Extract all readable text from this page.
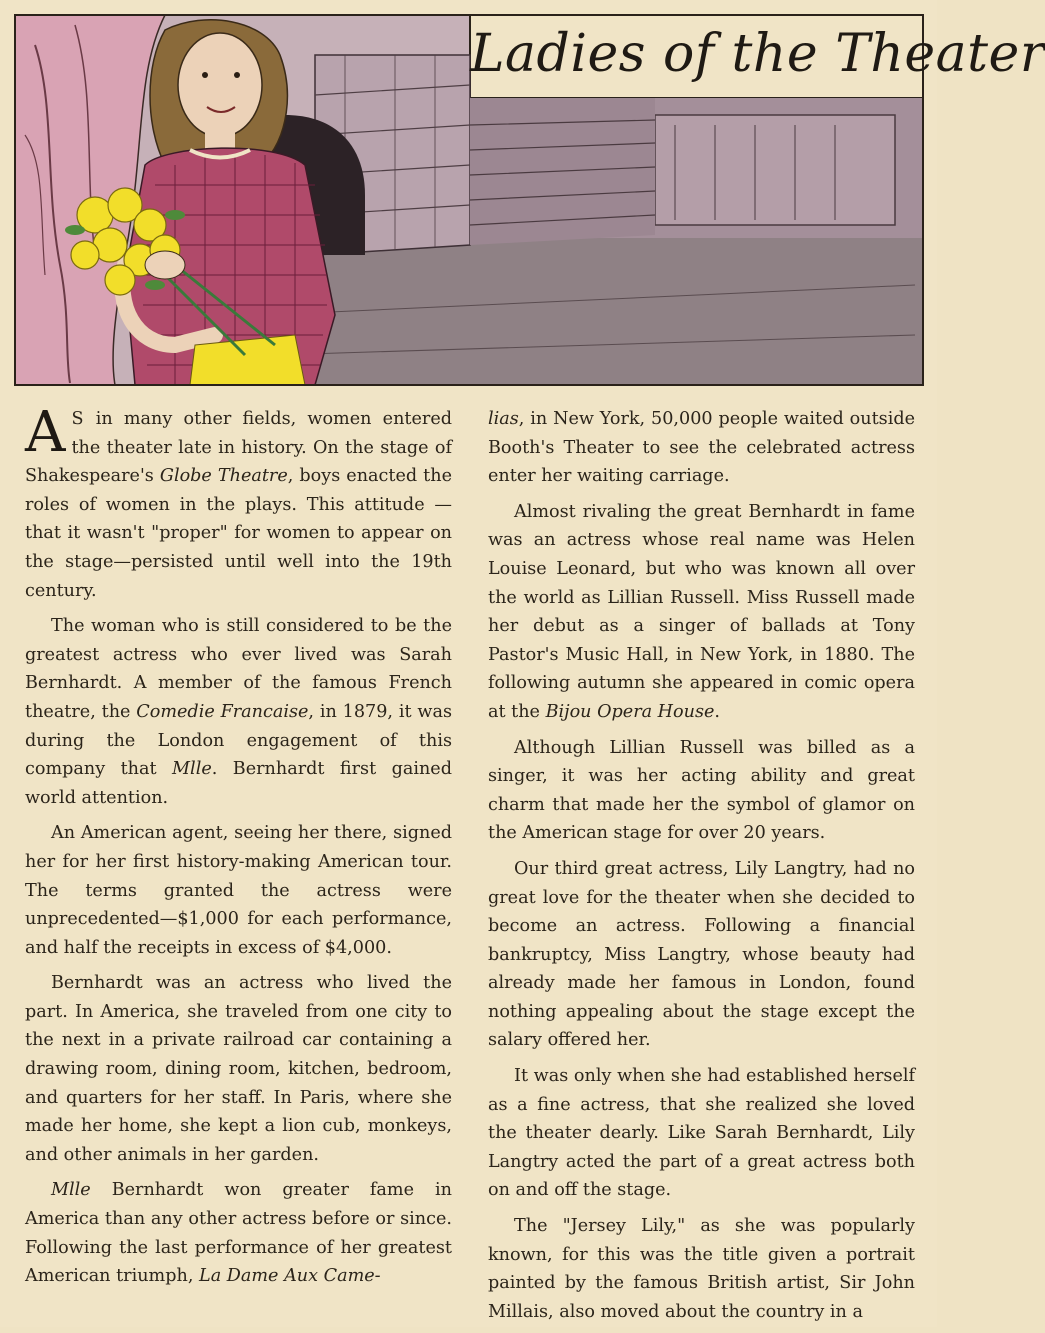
Ladies of the Theater

A S in many other fields, women entered the theater late in history. On the stage of Shakespeare's Globe Theatre, boys enacted the roles of women in the plays. This attitude —that it wasn't "proper" for women to appear on the stage—persisted until well into the 19th century.

The woman who is still considered to be the greatest actress who ever lived was Sarah Bernhardt. A member of the famous French theatre, the Comedie Francaise, in 1879, it was during the London engagement of this company that Mlle. Bernhardt first gained world attention.

An American agent, seeing her there, signed her for her first history-making American tour. The terms granted the actress were unprecedented—$1,000 for each performance, and half the receipts in excess of $4,000.

Bernhardt was an actress who lived the part. In America, she traveled from one city to the next in a private railroad car containing a drawing room, dining room, kitchen, bedroom, and quarters for her staff. In Paris, where she made her home, she kept a lion cub, monkeys, and other animals in her garden.

Mlle Bernhardt won greater fame in America than any other actress before or since. Following the last performance of her greatest American triumph, La Dame Aux Came-

lias, in New York, 50,000 people waited outside Booth's Theater to see the celebrated actress enter her waiting carriage.

Almost rivaling the great Bernhardt in fame was an actress whose real name was Helen Louise Leonard, but who was known all over the world as Lillian Russell. Miss Russell made her debut as a singer of ballads at Tony Pastor's Music Hall, in New York, in 1880. The following autumn she appeared in comic opera at the Bijou Opera House.

Although Lillian Russell was billed as a singer, it was her acting ability and great charm that made her the symbol of glamor on the American stage for over 20 years.

Our third great actress, Lily Langtry, had no great love for the theater when she decided to become an actress. Following a financial bankruptcy, Miss Langtry, whose beauty had already made her famous in London, found nothing appealing about the stage except the salary offered her.

It was only when she had established herself as a fine actress, that she realized she loved the theater dearly. Like Sarah Bernhardt, Lily Langtry acted the part of a great actress both on and off the stage.

The "Jersey Lily," as she was popularly known, for this was the title given a portrait painted by the famous British artist, Sir John Millais, also moved about the country in a
